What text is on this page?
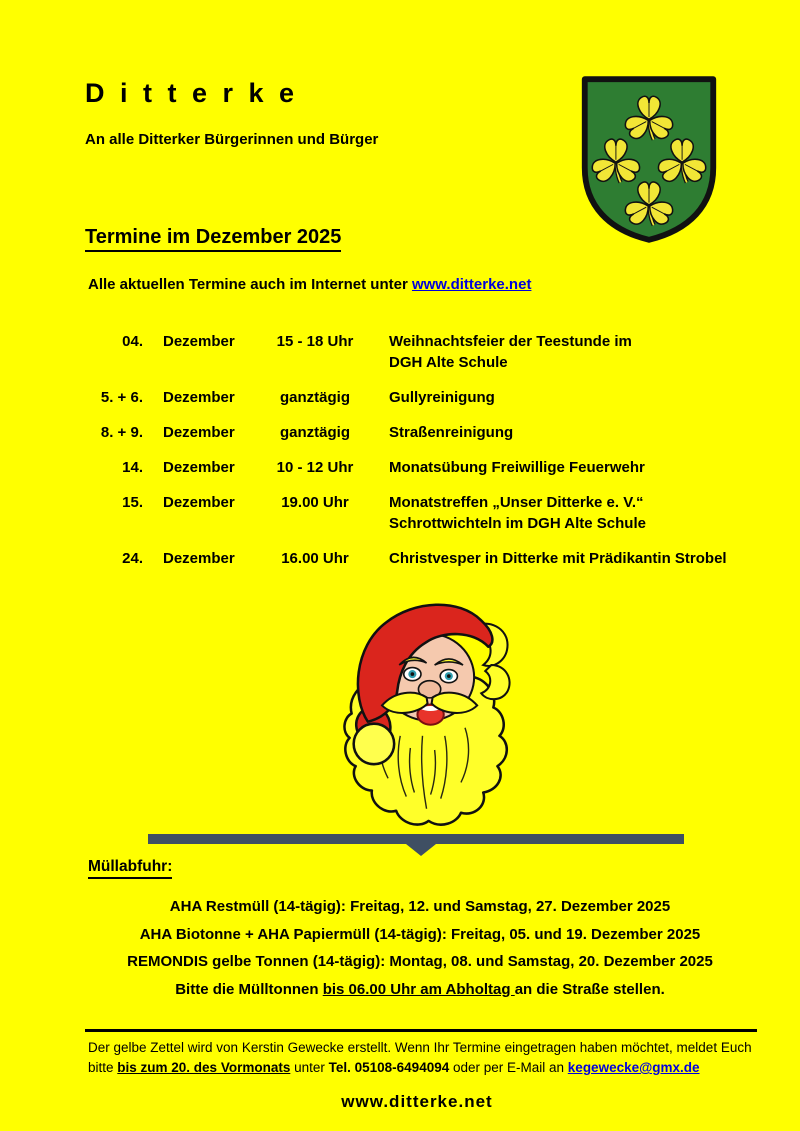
D i t t e r k e
An alle Ditterker Bürgerinnen und Bürger
Termine im Dezember 2025
Alle aktuellen Termine auch im Internet unter www.ditterke.net
04.	Dezember	15 - 18 Uhr	Weihnachtsfeier der Teestunde im
DGH Alte Schule
5. + 6.	Dezember	ganztägig	Gullyreinigung
8. + 9.	Dezember	ganztägig	Straßenreinigung
14.	Dezember	10 - 12 Uhr	Monatsübung Freiwillige Feuerwehr
15.	Dezember	19.00 Uhr	Monatstreffen „Unser Ditterke e. V.“
Schrottwichteln im DGH Alte Schule
24.	Dezember	16.00 Uhr	Christvesper in Ditterke mit Prädikantin Strobel
Müllabfuhr:
AHA Restmüll (14-tägig): Freitag, 12. und Samstag, 27. Dezember 2025
AHA Biotonne + AHA Papiermüll (14-tägig): Freitag, 05. und 19. Dezember 2025
REMONDIS gelbe Tonnen (14-tägig): Montag, 08. und Samstag, 20. Dezember 2025
Bitte die Mülltonnen bis 06.00 Uhr am Abholtag an die Straße stellen.
Der gelbe Zettel wird von Kerstin Gewecke erstellt. Wenn Ihr Termine eingetragen haben möchtet, meldet Euch bitte bis zum 20. des Vormonats unter Tel. 05108-6494094 oder per E-Mail an kegewecke@gmx.de
www.ditterke.net
